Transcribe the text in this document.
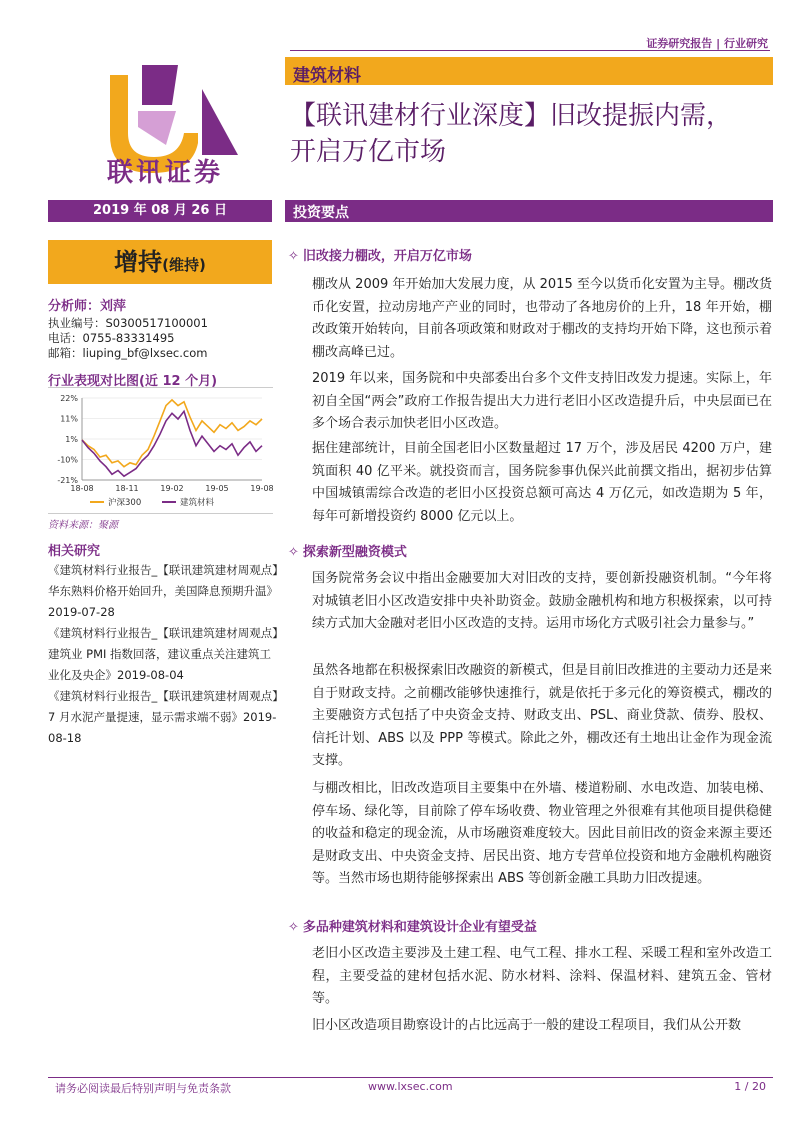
证券研究报告 | 行业研究
建筑材料
【联讯建材行业深度】旧改提振内需，
开启万亿市场
联讯证券
2019 年 08 月 26 日	投资要点
增持(维持)
分析师：刘萍
执业编号：S0300517100001
电话：0755-83331495
邮箱：liuping_bf@lxsec.com
行业表现对比图(近 12 个月)
22%
11%
1%
-10%
-21%
18-08	18-11	19-02	19-05	19-08
沪深300	建筑材料
资料来源：聚源
相关研究
《建筑材料行业报告_【联讯建筑建材周观点】华东熟料价格开始回升，美国降息预期升温》2019-07-28
《建筑材料行业报告_【联讯建筑建材周观点】建筑业 PMI 指数回落，建议重点关注建筑工业化及央企》2019-08-04
《建筑材料行业报告_【联讯建筑建材周观点】7 月水泥产量提速，显示需求端不弱》2019-08-18
✧ 旧改接力棚改，开启万亿市场
棚改从 2009 年开始加大发展力度，从 2015 至今以货币化安置为主导。棚改货币化安置，拉动房地产产业的同时，也带动了各地房价的上升，18 年开始，棚改政策开始转向，目前各项政策和财政对于棚改的支持均开始下降，这也预示着棚改高峰已过。
2019 年以来，国务院和中央部委出台多个文件支持旧改发力提速。实际上，年初自全国“两会”政府工作报告提出大力进行老旧小区改造提升后，中央层面已在多个场合表示加快老旧小区改造。
据住建部统计，目前全国老旧小区数量超过 17 万个，涉及居民 4200 万户，建筑面积 40 亿平米。就投资而言，国务院参事仇保兴此前撰文指出，据初步估算中国城镇需综合改造的老旧小区投资总额可高达 4 万亿元，如改造期为 5 年，每年可新增投资约 8000 亿元以上。
✧ 探索新型融资模式
国务院常务会议中指出金融要加大对旧改的支持，要创新投融资机制。“今年将对城镇老旧小区改造安排中央补助资金。鼓励金融机构和地方积极探索，以可持续方式加大金融对老旧小区改造的支持。运用市场化方式吸引社会力量参与。”
虽然各地都在积极探索旧改融资的新模式，但是目前旧改推进的主要动力还是来自于财政支持。之前棚改能够快速推行，就是依托于多元化的筹资模式，棚改的主要融资方式包括了中央资金支持、财政支出、PSL、商业贷款、债券、股权、信托计划、ABS 以及 PPP 等模式。除此之外，棚改还有土地出让金作为现金流支撑。
与棚改相比，旧改改造项目主要集中在外墙、楼道粉刷、水电改造、加装电梯、停车场、绿化等，目前除了停车场收费、物业管理之外很难有其他项目提供稳健的收益和稳定的现金流，从市场融资难度较大。因此目前旧改的资金来源主要还是财政支出、中央资金支持、居民出资、地方专营单位投资和地方金融机构融资等。当然市场也期待能够探索出 ABS 等创新金融工具助力旧改提速。
✧ 多品种建筑材料和建筑设计企业有望受益
老旧小区改造主要涉及土建工程、电气工程、排水工程、采暖工程和室外改造工程，主要受益的建材包括水泥、防水材料、涂料、保温材料、建筑五金、管材等。
旧小区改造项目勘察设计的占比远高于一般的建设工程项目，我们从公开数
请务必阅读最后特别声明与免责条款	www.lxsec.com	1 / 20
